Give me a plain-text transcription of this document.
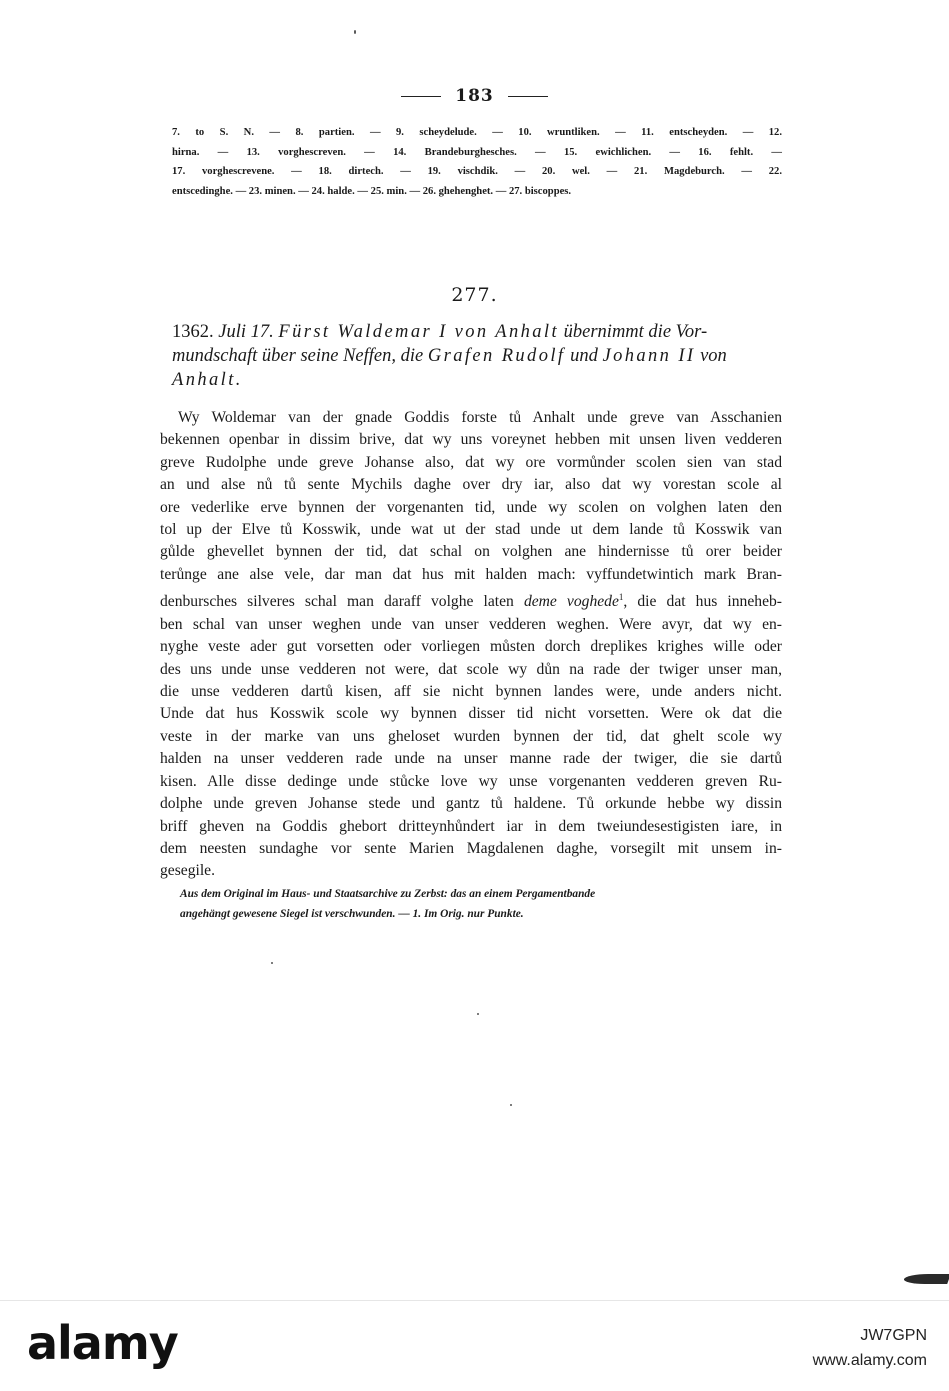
183
7. to S. N. — 8. partien. — 9. scheydelude. — 10. wruntliken. — 11. entscheyden. — 12.
hirna. — 13. vorghescreven. — 14. Brandeburghesches. — 15. ewichlichen. — 16. fehlt. —
17. vorghescrevene. — 18. dirtech. — 19. vischdik. — 20. wel. — 21. Magdeburch. — 22.
entscedinghe. — 23. minen. — 24. halde. — 25. min. — 26. ghehenghet. — 27. biscoppes.
277.
1362. Juli 17. Fürst Waldemar I von Anhalt übernimmt die Vor-
mundschaft über seine Neffen, die Grafen Rudolf und Johann II von
Anhalt.
Wy Woldemar van der gnade Goddis forste tů Anhalt unde greve van Asschanien
bekennen openbar in dissim brive, dat wy uns voreynet hebben mit unsen liven vedderen
greve Rudolphe unde greve Johanse also, dat wy ore vormůnder scolen sien van stad
an und alse nů tů sente Mychils daghe over dry iar, also dat wy vorestan scole al
ore vederlike erve bynnen der vorgenanten tid, unde wy scolen on volghen laten den
tol up der Elve tů Kosswik, unde wat ut der stad unde ut dem lande tů Kosswik van
gůlde ghevellet bynnen der tid, dat schal on volghen ane hindernisse tů orer beider
terůnge ane alse vele, dar man dat hus mit halden mach: vyffundetwintich mark Bran-
denbursches silveres schal man daraff volghe laten deme voghede$^1$, die dat hus inneheb-
ben schal van unser weghen unde van unser vedderen weghen. Were avyr, dat wy en-
nyghe veste ader gut vorsetten oder vorliegen můsten dorch dreplikes krighes wille oder
des uns unde unse vedderen not were, dat scole wy důn na rade der twiger unser man,
die unse vedderen dartů kisen, aff sie nicht bynnen landes were, unde anders nicht.
Unde dat hus Kosswik scole wy bynnen disser tid nicht vorsetten. Were ok dat die
veste in der marke van uns gheloset wurden bynnen der tid, dat ghelt scole wy
halden na unser vedderen rade unde na unser manne rade der twiger, die sie dartů
kisen. Alle disse dedinge unde stůcke love wy unse vorgenanten vedderen greven Ru-
dolphe unde greven Johanse stede und gantz tů haldene. Tů orkunde hebbe wy dissin
briff gheven na Goddis ghebort dritteynhůndert iar in dem tweiundesestigisten iare, in
dem neesten sundaghe vor sente Marien Magdalenen daghe, vorsegilt mit unsem in-
gesegile.
Aus dem Original im Haus- und Staatsarchive zu Zerbst: das an einem Pergamentbande
angehängt gewesene Siegel ist verschwunden. — 1. Im Orig. nur Punkte.
alamy	JW7GPN
www.alamy.com
